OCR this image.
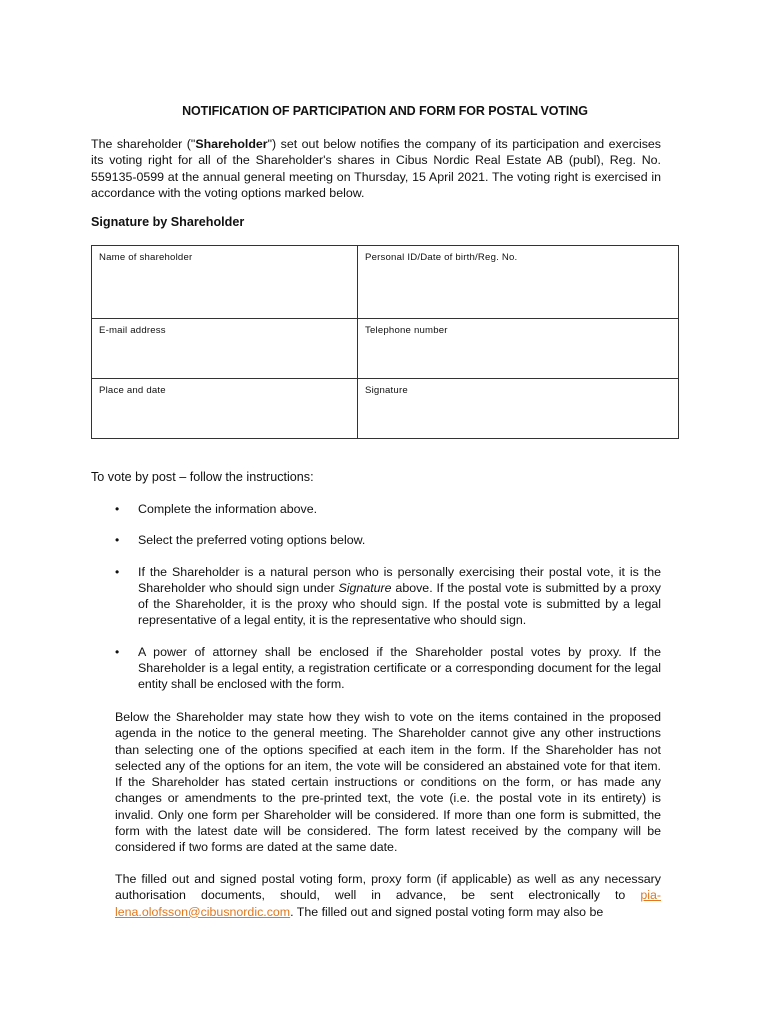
NOTIFICATION OF PARTICIPATION AND FORM FOR POSTAL VOTING
The shareholder ("Shareholder") set out below notifies the company of its participation and exercises its voting right for all of the Shareholder's shares in Cibus Nordic Real Estate AB (publ), Reg. No. 559135-0599 at the annual general meeting on Thursday, 15 April 2021. The voting right is exercised in accordance with the voting options marked below.
Signature by Shareholder
Name of shareholder	Personal ID/Date of birth/Reg. No.
E-mail address	Telephone number
Place and date	Signature
To vote by post – follow the instructions:
• Complete the information above.
• Select the preferred voting options below.
• If the Shareholder is a natural person who is personally exercising their postal vote, it is the Shareholder who should sign under Signature above. If the postal vote is submitted by a proxy of the Shareholder, it is the proxy who should sign. If the postal vote is submitted by a legal representative of a legal entity, it is the representative who should sign.
• A power of attorney shall be enclosed if the Shareholder postal votes by proxy. If the Shareholder is a legal entity, a registration certificate or a corresponding document for the legal entity shall be enclosed with the form.
Below the Shareholder may state how they wish to vote on the items contained in the proposed agenda in the notice to the general meeting. The Shareholder cannot give any other instructions than selecting one of the options specified at each item in the form. If the Shareholder has not selected any of the options for an item, the vote will be considered an abstained vote for that item. If the Shareholder has stated certain instructions or conditions on the form, or has made any changes or amendments to the pre-printed text, the vote (i.e. the postal vote in its entirety) is invalid. Only one form per Shareholder will be considered. If more than one form is submitted, the form with the latest date will be considered. The form latest received by the company will be considered if two forms are dated at the same date.
The filled out and signed postal voting form, proxy form (if applicable) as well as any necessary authorisation documents, should, well in advance, be sent electronically to pia-lena.olofsson@cibusnordic.com. The filled out and signed postal voting form may also be
